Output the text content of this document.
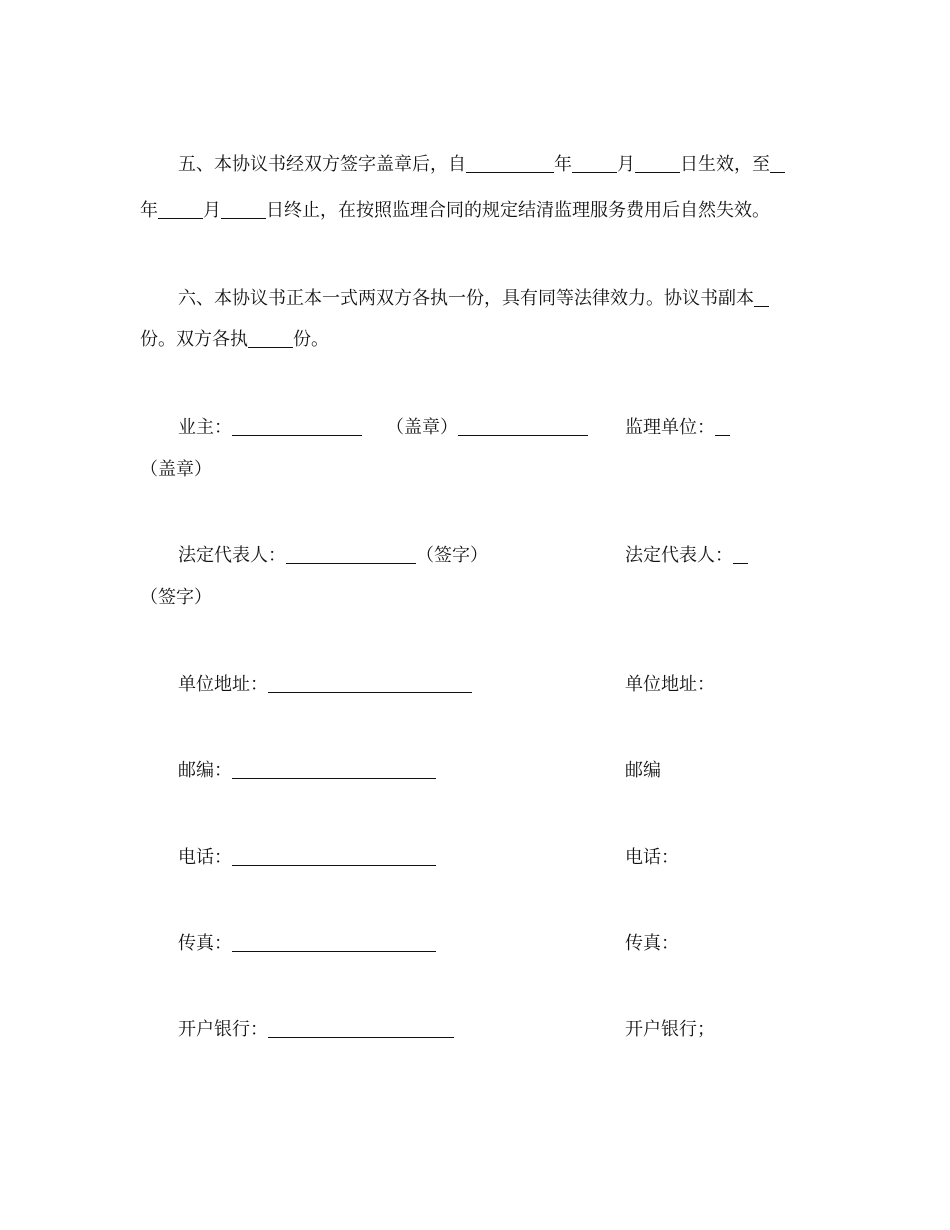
五、本协议书经双方签字盖章后，自	年	月	日生效，至
年	月	日终止，在按照监理合同的规定结清监理服务费用后自然失效。
六、本协议书正本一式两双方各执一份，具有同等法律效力。协议书副本
份。双方各执	份。
业主：	（盖章）	监理单位：
（盖章）
法定代表人：	（签字）	法定代表人：
（签字）
单位地址：	单位地址：
邮编：	邮编
电话：	电话：
传真：	传真：
开户银行：	开户银行；
